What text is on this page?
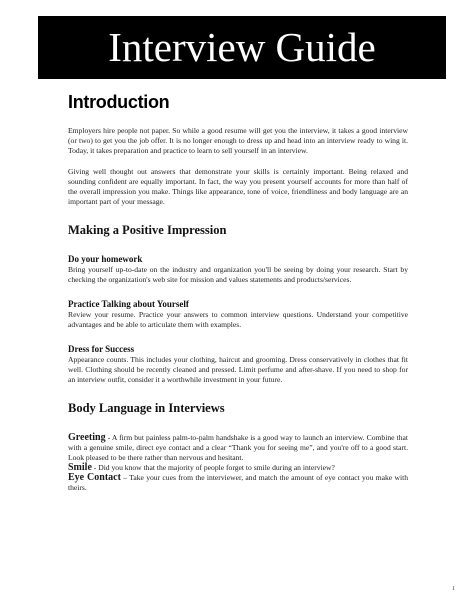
Interview Guide
Introduction

Employers hire people not paper. So while a good resume will get you the interview, it takes a good interview (or two) to get you the job offer. It is no longer enough to dress up and head into an interview ready to wing it. Today, it takes preparation and practice to learn to sell yourself in an interview.

Giving well thought out answers that demonstrate your skills is certainly important. Being relaxed and sounding confident are equally important. In fact, the way you present yourself accounts for more than half of the overall impression you make. Things like appearance, tone of voice, friendliness and body language are an important part of your message.

Making a Positive Impression
Do your homework

Bring yourself up-to-date on the industry and organization you'll be seeing by doing your research. Start by checking the organization's web site for mission and values statements and products/services.

Practice Talking about Yourself

Review your resume. Practice your answers to common interview questions. Understand your competitive advantages and be able to articulate them with examples.

Dress for Success

Appearance counts. This includes your clothing, haircut and grooming. Dress conservatively in clothes that fit well. Clothing should be recently cleaned and pressed. Limit perfume and after-shave. If you need to shop for an interview outfit, consider it a worthwhile investment in your future.

Body Language in Interviews

Greeting - A firm but painless palm-to-palm handshake is a good way to launch an interview. Combine that with a genuine smile, direct eye contact and a clear “Thank you for seeing me”, and you're off to a good start. Look pleased to be there rather than nervous and hesitant.

Smile - Did you know that the majority of people forget to smile during an interview?

Eye Contact – Take your cues from the interviewer, and match the amount of eye contact you make with theirs.

1
